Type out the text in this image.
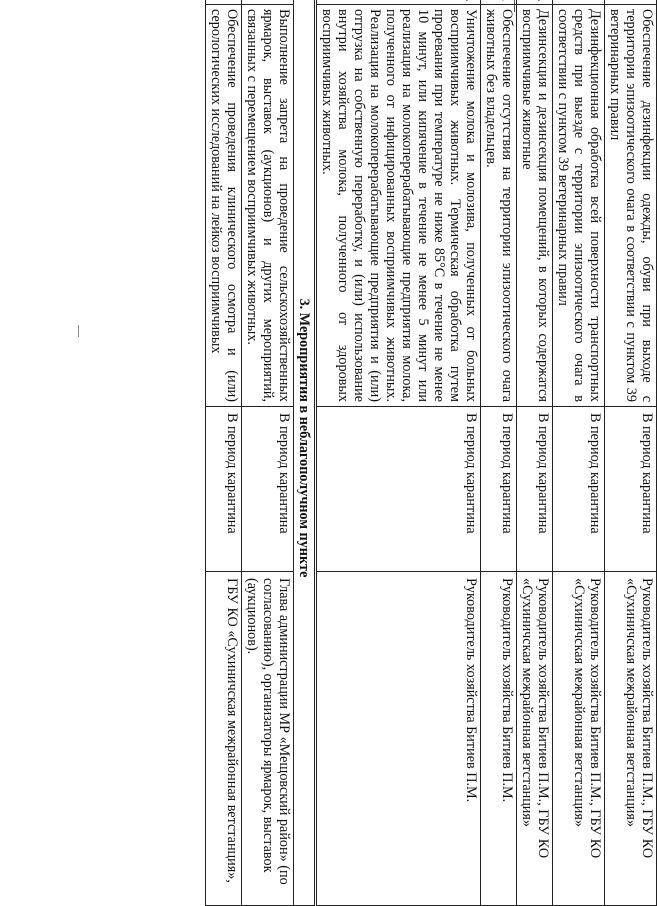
	Обеспечение дезинфекции одежды, обуви при выходе с территории эпизоотического очага в соответствии с пунктом 39 ветеринарных правил	В период карантина	Руководитель хозяйства Битиев П.М., ГБУ КО «Сухиничская межрайонная ветстанция»
	Дезинфекционная обработка всей поверхности транспортных средств при выезде с территории эпизоотического очага в соответствии с пунктом 39 ветеринарных правил	В период карантина	Руководитель хозяйства Битиев П.М., ГБУ КО «Сухиничская межрайонная ветстанция»
	Дезинсекция и дезинсекция помещений, в которых содержатся восприимчивые животные	В период карантина	Руководитель хозяйства Битиев П.М., ГБУ КО «Сухиничская межрайонная ветстанция»
	Обеспечение отсутствия на территории эпизоотического очага животных без владельцев.	В период карантина	Руководитель хозяйства Битиев П.М.
	Уничтожение молока и молозива, полученных от больных восприимчивых животных. Термическая обработка путем проревания при температуре не ниже 85°С в течение не менее 10 минут, или кипячение в течение не менее 5 минут или реализация на молокоперерабатывающие предприятия молока, полученного от инфицированных восприимчивых животных. Реализация на молокоперерабатывающие предприятия и (или) отгрузка на собственную переработку, и (или) использование внутри хозяйства молока, полученного от здоровых восприимчивых животных.	В период карантина	Руководитель хозяйства Битиев П.М.
3. Мероприятия в неблагополучном пункте			
	Выполнение запрета на проведение сельскохозяйственных ярмарок, выставок (аукционов) и других мероприятий, связанных с перемещением восприимчивых животных.	В период карантина	Глава администрации МР «Мещовский район» (по согласованию), организаторы ярмарок, выставок (аукционов).
	Обеспечение проведения клинического осмотра и (или) серологических исследований на лейкоз восприимчивых	В период карантина	ГБУ КО «Сухиничская межрайонная ветстанция»,
